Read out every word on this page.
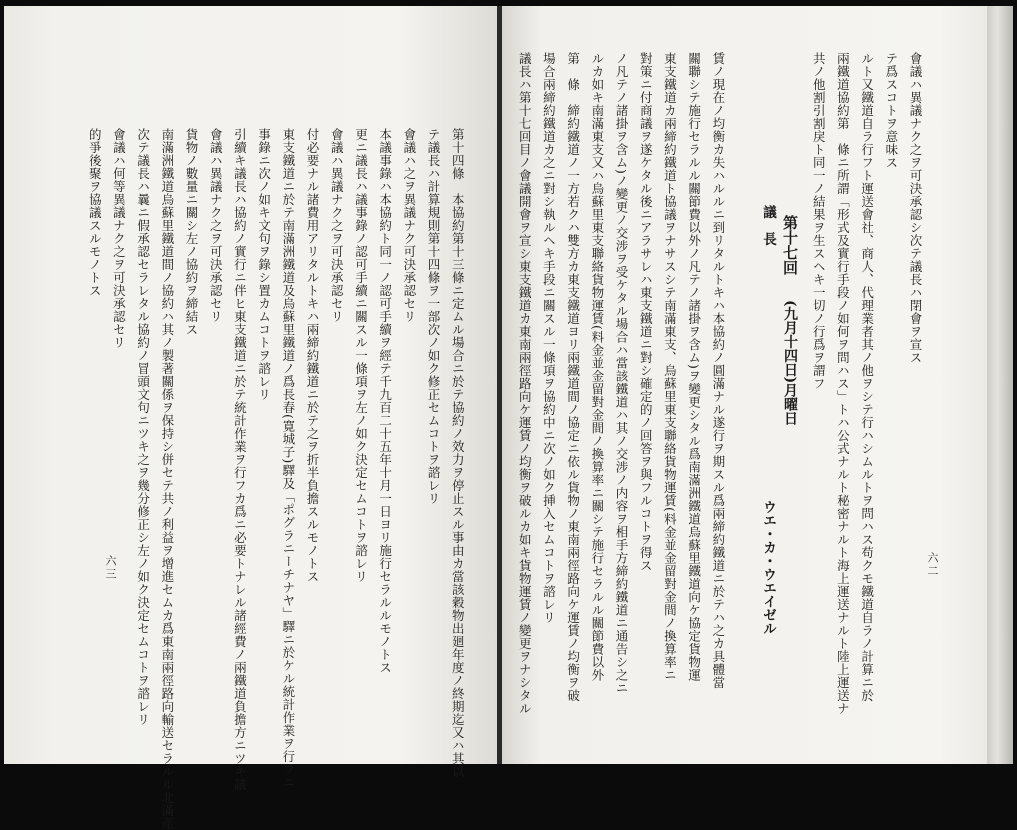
第十四條　本協約第十三條ニ定ムル場合ニ於テ協約ノ效力ヲ停止スル事由カ當該穀物出廻年度ノ終期迄又ハ其以
テ議長ハ計算規則第十四條ヲ一部次ノ如ク修正セムコトヲ諮レリ
會議ハ之ヲ異議ナク可決承認セリ
本議事錄ハ本協約ト同一ノ認可手續ヲ經テ千九百二十五年十月一日ヨリ施行セラルルモノトス
更ニ議長ハ議事錄ノ認可手續ニ關スル一條項ヲ左ノ如ク決定セムコトヲ諮レリ
會議ハ異議ナク之ヲ可決承認セリ
付必要ナル諸費用アリタルトキハ兩締約鐵道ニ於テ之ヲ折半負擔スルモノトス
東支鐵道ニ於テ南滿洲鐵道及烏蘇里鐵道ノ爲長春(寛城子)驛及「ポグラニーチナヤ」驛ニ於ケル統計作業ヲ行フニ
事錄ニ次ノ如キ文句ヲ錄シ置カムコトヲ諮レリ
引續キ議長ハ協約ノ實行ニ伴ヒ東支鐵道ニ於テ統計作業ヲ行フカ爲ニ必要トナレル諸經費ノ兩鐵道負擔方ニツキ議
會議ハ異議ナク之ヲ可決承認セリ
貨物ノ數量ニ關シ左ノ協約ヲ締結ス
南滿洲鐵道烏蘇里鐵道間ノ協約ハ其ノ製著關係ヲ保持シ併セテ共ノ利益ヲ增進セムカ爲東南兩徑路向輸送セラルル北滿產
次テ議長ハ曩ニ假承認セラレタル協約ノ冒頭文句ニツキ之ヲ幾分修正シ左ノ如ク決定セムコトヲ諮レリ
會議ハ何等異議ナク之ヲ可決承認セリ
的爭後聚ヲ協議スルモノトス
六三	賃ノ現在ノ均衡カ失ハルルニ到リタルトキハ本協約ノ圓滿ナル遂行ヲ期スル爲兩締約鐵道ニ於テハ之カ具體當
關聯シテ施行セラルル關節費以外ノ凡テノ諸掛ヲ含ム)ヲ變更シタル爲南滿洲鐵道烏蘇里鐵道向ケ協定貨物運
東支鐵道カ兩締約鐵道ト協議ヲナサスシテ南滿東支、烏蘇里東支聯絡貨物運賃(料金並金留對金間ノ換算率ニ
對策ニ付商議ヲ遂ケタル後ニアラサレハ東支鐵道ニ對シ確定的ノ回答ヲ與フルコトヲ得ス
ノ凡テノ諸掛ヲ含ム)ノ變更ノ交涉ヲ受ケタル場合ハ當該鐵道ハ其ノ交涉ノ内容ヲ相手方締約鐵道ニ通告シ之ニ
ルカ如キ南滿東支又ハ烏蘇里東支聯絡貨物運賃(料金並金留對金間ノ換算率ニ關シテ施行セラルル關節費以外
第　條　締約鐵道ノ一方若クハ雙方カ東支鐵道ヨリ兩鐵道間ノ協定ニ依ル貨物ノ東南兩徑路向ケ運賃ノ均衡ヲ破
場合兩締約鐵道カ之ニ對シ執ルヘキ手段ニ關スル一條項ヲ協約中ニ次ノ如ク挿入セムコトヲ諮レリ
議長ハ第十七回目ノ會議開會ヲ宣シ東支鐵道カ東南兩徑路向ケ運賃ノ均衡ヲ破ルカ如キ貨物運賃ノ變更ヲナシタル	議　長
ウエ・カ・ウエイゼル
第十七回
(九月十四日)月曜日	會議ハ異議ナク之ヲ可決承認シ次テ議長ハ閉會ヲ宣ス
テ爲スコトヲ意味ス
ルト又鐵道自ラ行フト運送會社、商人、代理業者其ノ他ヲシテ行ハシムルトヲ問ハス苟クモ鐵道自ラノ計算ニ於
兩鐵道協約第　條ニ所謂「形式及實行手段ノ如何ヲ問ハス」トハ公式ナルト秘密ナルト海上運送ナルト陸上運送ナ
共ノ他割引割戾ト同一ノ結果ヲ生スヘキ一切ノ行爲ヲ謂フ
六二
